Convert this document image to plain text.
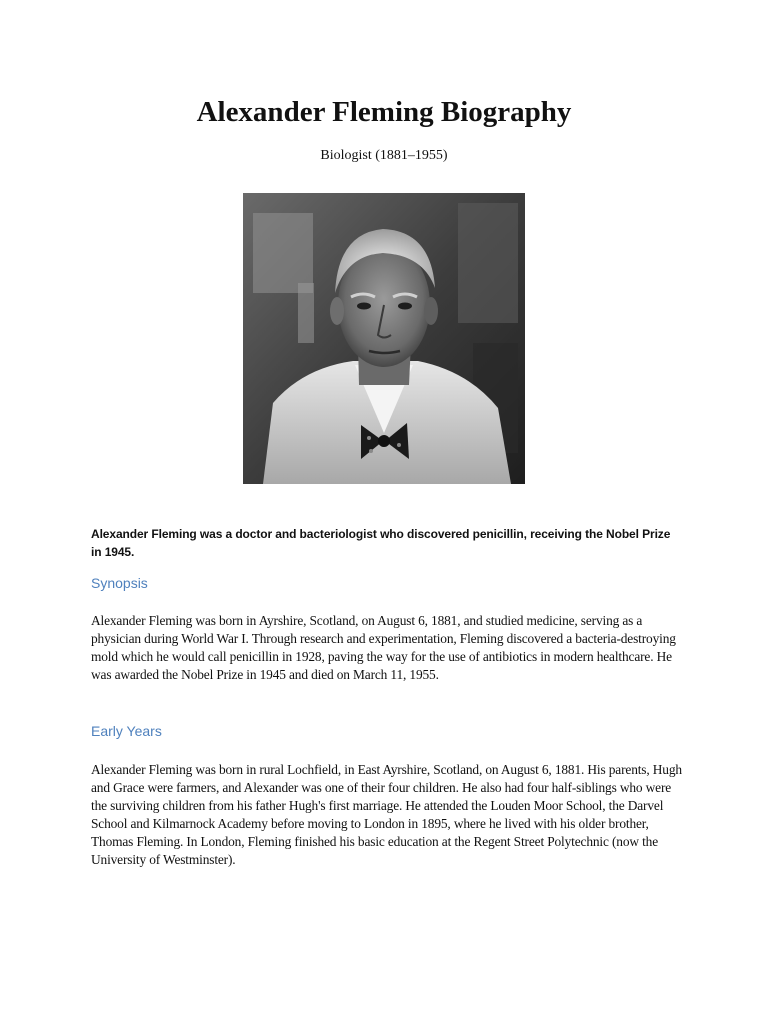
Alexander Fleming Biography
Biologist (1881–1955)
Alexander Fleming was a doctor and bacteriologist who discovered penicillin, receiving the Nobel Prize in 1945.
Synopsis
Alexander Fleming was born in Ayrshire, Scotland, on August 6, 1881, and studied medicine, serving as a physician during World War I. Through research and experimentation, Fleming discovered a bacteria-destroying mold which he would call penicillin in 1928, paving the way for the use of antibiotics in modern healthcare. He was awarded the Nobel Prize in 1945 and died on March 11, 1955.
Early Years
Alexander Fleming was born in rural Lochfield, in East Ayrshire, Scotland, on August 6, 1881. His parents, Hugh and Grace were farmers, and Alexander was one of their four children. He also had four half-siblings who were the surviving children from his father Hugh's first marriage. He attended the Louden Moor School, the Darvel School and Kilmarnock Academy before moving to London in 1895, where he lived with his older brother, Thomas Fleming. In London, Fleming finished his basic education at the Regent Street Polytechnic (now the University of Westminster).
